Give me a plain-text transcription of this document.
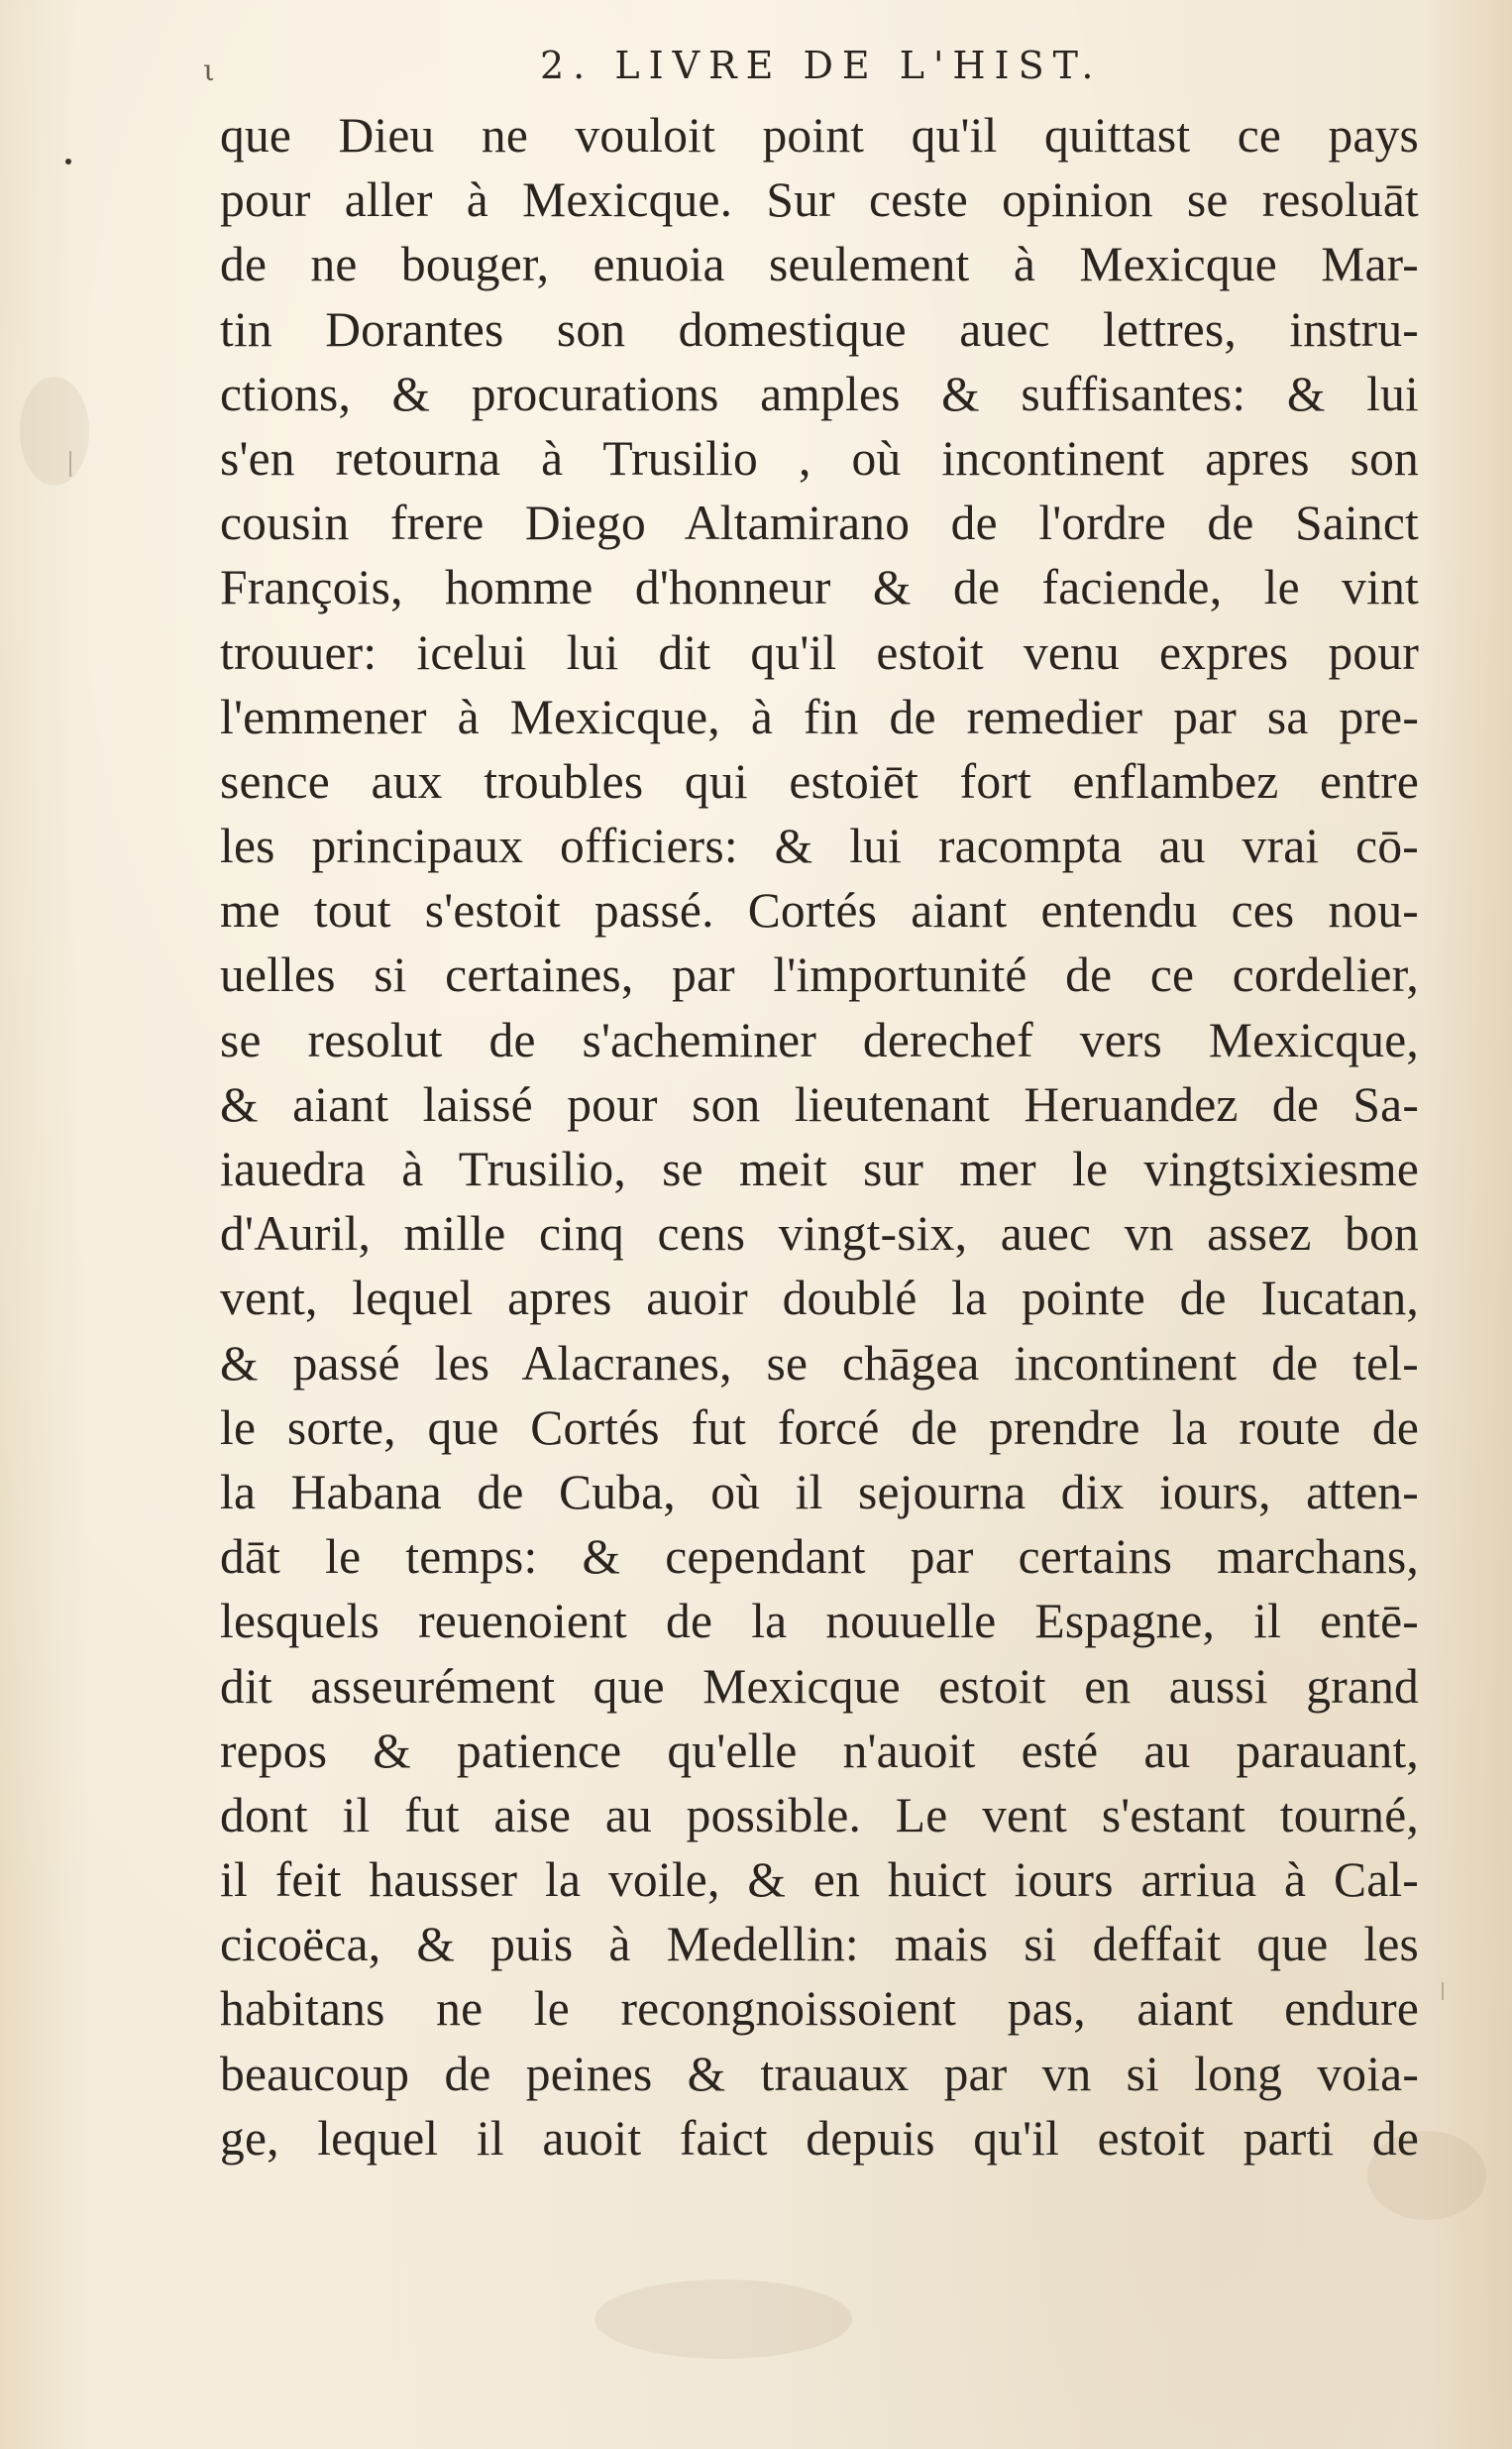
ι	2. LIVRE DE L'HIST.
que Dieu ne vouloit point qu'il quittast ce pays
pour aller à Mexicque. Sur ceste opinion se resoluāt
de ne bouger, enuoia seulement à Mexicque Mar-
tin Dorantes son domestique auec lettres, instru-
ctions, & procurations amples & suffisantes: & lui
s'en retourna à Trusilio , où incontinent apres son
cousin frere Diego Altamirano de l'ordre de Sainct
François, homme d'honneur & de faciende, le vint
trouuer: icelui lui dit qu'il estoit venu expres pour
l'emmener à Mexicque, à fin de remedier par sa pre-
sence aux troubles qui estoiēt fort enflambez entre
les principaux officiers: & lui racompta au vrai cō-
me tout s'estoit passé. Cortés aiant entendu ces nou-
uelles si certaines, par l'importunité de ce cordelier,
se resolut de s'acheminer derechef vers Mexicque,
& aiant laissé pour son lieutenant Heruandez de Sa-
iauedra à Trusilio, se meit sur mer le vingtsixiesme
d'Auril, mille cinq cens vingt-six, auec vn assez bon
vent, lequel apres auoir doublé la pointe de Iucatan,
& passé les Alacranes, se chāgea incontinent de tel-
le sorte, que Cortés fut forcé de prendre la route de
la Habana de Cuba, où il sejourna dix iours, atten-
dāt le temps: & cependant par certains marchans,
lesquels reuenoient de la nouuelle Espagne, il entē-
dit asseurément que Mexicque estoit en aussi grand
repos & patience qu'elle n'auoit esté au parauant,
dont il fut aise au possible. Le vent s'estant tourné,
il feit hausser la voile, & en huict iours arriua à Cal-
cicoëca, & puis à Medellin: mais si deffait que les
habitans ne le recongnoissoient pas, aiant endure
beaucoup de peines & trauaux par vn si long voia-
ge, lequel il auoit faict depuis qu'il estoit parti de
